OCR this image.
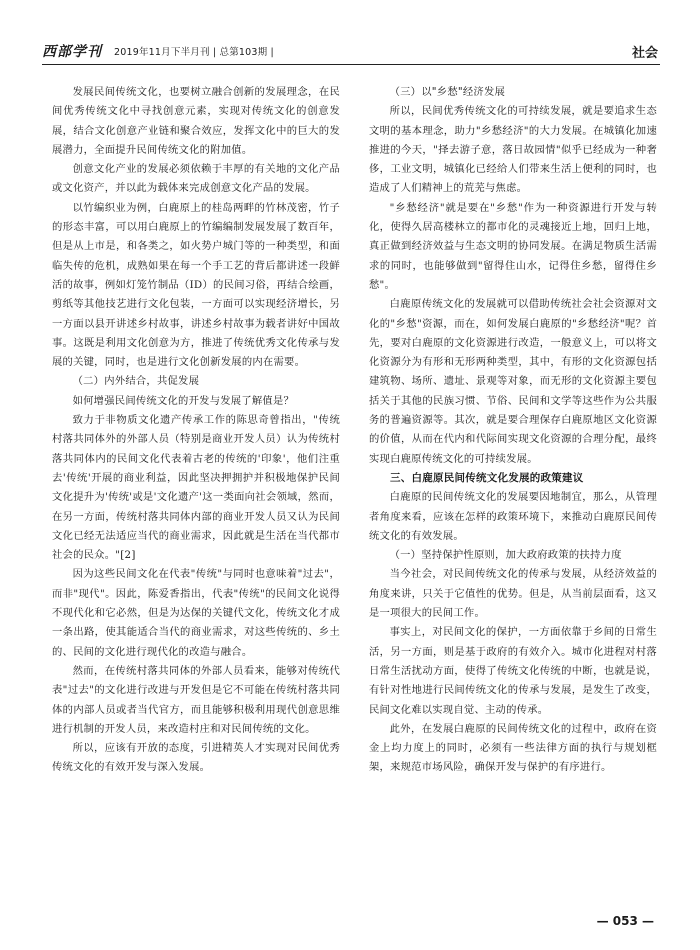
西部学刊 2019年11月下半月刊 | 总第103期 |	社会

发展民间传统文化，也要树立融合创新的发展理念，在民间优秀传统文化中寻找创意元素，实现对传统文化的创意发展，结合文化创意产业链和聚合效应，发挥文化中的巨大的发展潜力，全面提升民间传统文化的附加值。

创意文化产业的发展必须依赖于丰厚的有关地的文化产品或文化资产，并以此为载体来完成创意文化产品的发展。

以竹编织业为例，白鹿原上的桂岛两畔的竹林茂密，竹子的形态丰富，可以用白鹿原上的竹编编制发展发展了数百年，但是从上市是，和各类之，如火势户城门等的一种类型，和面临失传的危机，成熟如果在每一个手工艺的背后都讲述一段鲜活的故事，例如灯笼竹制品（ID）的民间习俗，再结合绘画，剪纸等其他技艺进行文化包装，一方面可以实现经济增长，另一方面以县开讲述乡村故事，讲述乡村故事为载者讲好中国故事。这既是利用文化创意为方，推进了传统优秀文化传承与发展的关键，同时，也是进行文化创新发展的内在需要。

（二）内外结合，共促发展

如何增强民间传统文化的开发与发展了解值是？

致力于非物质文化遗产传承工作的陈思奇曾指出，"传统村落共同体外的外部人员（特别是商业开发人员）认为传统村落共同体内的民间文化代表着古老的传统的'印象'，他们注重去'传统'开展的商业利益，因此坚决押拥护并积极地保护民间文化提升为'传统'或是'文化遗产'这一类面向社会领域，然而，在另一方面，传统村落共同体内部的商业开发人员又认为民间文化已经无法适应当代的商业需求，因此就是生活在当代都市社会的民众。"[2]

因为这些民间文化在代表"传统"与同时也意味着"过去"，而非"现代"。因此，陈爱香指出，代表"传统"的民间文化说得不现代化和它必然，但是为达保的关键代文化，传统文化才成一条出路，使其能适合当代的商业需求，对这些传统的、乡土的、民间的文化进行现代化的改造与融合。

然而，在传统村落共同体的外部人员看来，能够对传统代表"过去"的文化进行改进与开发但是它不可能在传统村落共同体的内部人员或者当代官方，而且能够积极利用现代创意思维进行机制的开发人员，来改造村庄和对民间传统的文化。

所以，应该有开放的态度，引进精英人才实现对民间优秀传统文化的有效开发与深入发展。

（三）以"乡愁"经济发展

所以，民间优秀传统文化的可持续发展，就是要追求生态文明的基本理念，助力"乡愁经济"的大力发展。在城镇化加速推进的今天，"择去游子意，落日故园情"似乎已经成为一种奢侈，工业文明，城镇化已经给人们带来生活上便利的同时，也造成了人们精神上的荒芜与焦虑。

"乡愁经济"就是要在"乡愁"作为一种资源进行开发与转化，使得久居高楼林立的都市化的灵魂接近上地，回归上地，真正做到经济效益与生态文明的协同发展。在满足物质生活需求的同时，也能够做到"留得住山水，记得住乡愁，留得住乡愁"。

白鹿原传统文化的发展就可以借助传统社会社会资源对文化的"乡愁"资源，而在，如何发展白鹿原的"乡愁经济"呢？首先，要对白鹿原的文化资源进行改造，一般意义上，可以将文化资源分为有形和无形两种类型，其中，有形的文化资源包括建筑物、场所、遗址、景观等对象，而无形的文化资源主要包括关于其他的民族习惯、节俗、民间和文学等这些作为公共服务的普遍资源等。其次，就是要合理保存白鹿原地区文化资源的价值，从而在代内和代际间实现文化资源的合理分配，最终实现白鹿原传统文化的可持续发展。

三、白鹿原民间传统文化发展的政策建议

白鹿原的民间传统文化的发展要因地制宜，那么，从管理者角度来看，应该在怎样的政策环境下，来推动白鹿原民间传统文化的有效发展。

（一）坚持保护性原则，加大政府政策的扶持力度

当今社会，对民间传统文化的传承与发展，从经济效益的角度来讲，只关于它值性的优势。但是，从当前层面看，这又是一项很大的民间工作。

事实上，对民间文化的保护，一方面依靠于乡间的日常生活，另一方面，则是基于政府的有效介入。城市化进程对村落日常生活扰动方面，使得了传统文化传统的中断，也就是说，有针对性地进行民间传统文化的传承与发展，是发生了改变，民间文化难以实现自觉、主动的传承。

此外，在发展白鹿原的民间传统文化的过程中，政府在资金上均力度上的同时，必须有一些法律方面的执行与规划框架，来规范市场风险，确保开发与保护的有序进行。

— 053 —
